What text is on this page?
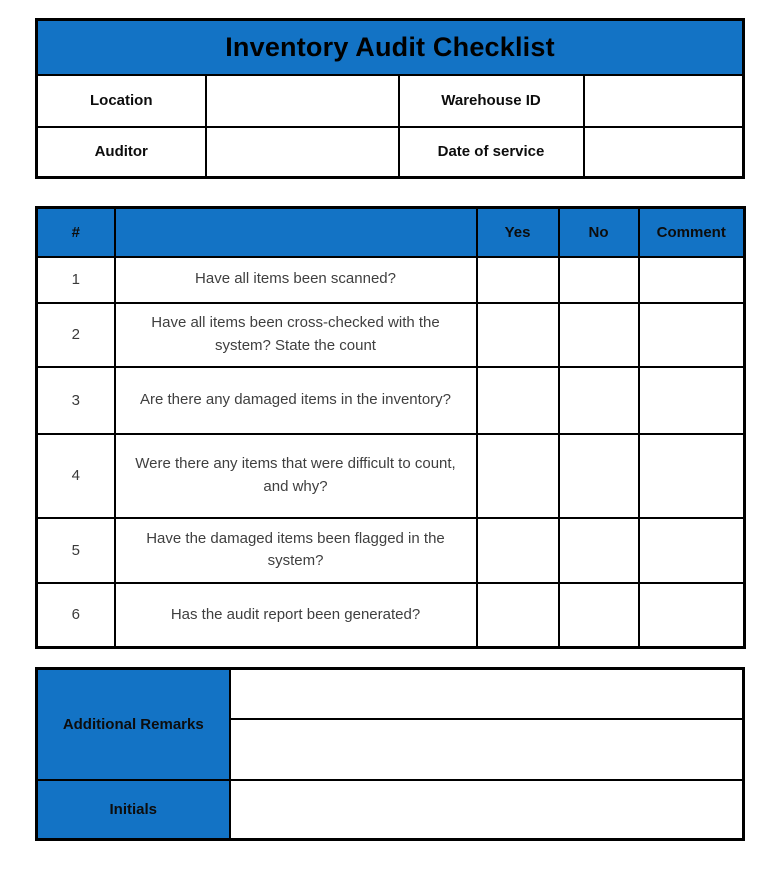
Inventory Audit Checklist			
Location		Warehouse ID	
Auditor		Date of service	
#		Yes	No	Comment
1	Have all items been scanned?			
2	Have all items been cross-checked with the system? State the count			
3	Are there any damaged items in the inventory?			
4	Were there any items that were difficult to count, and why?			
5	Have the damaged items been flagged in the system?			
6	Has the audit report been generated?			
Additional Remarks	

Initials	
